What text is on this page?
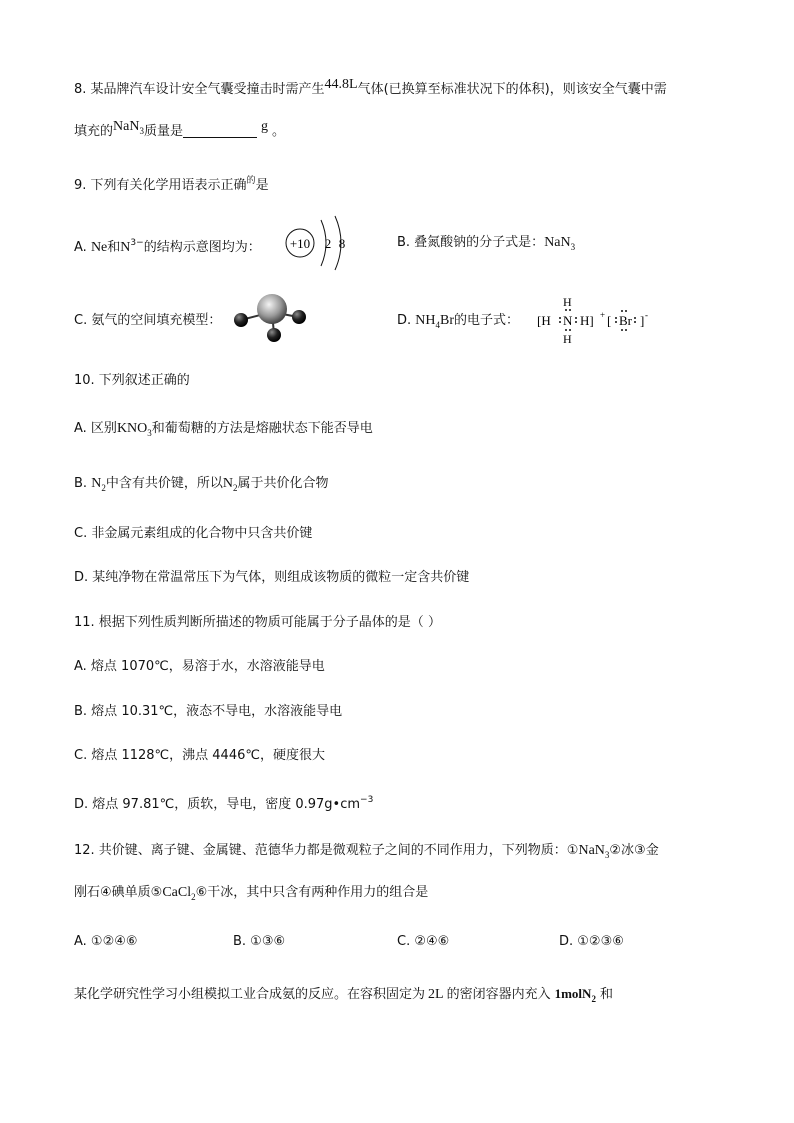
8. 某品牌汽车设计安全气囊受撞击时需产生44.8L气体(已换算至标准状况下的体积)，则该安全气囊中需
填充的NaN$_3$质量是	g 。
9. 下列有关化学用语表示正确$^的$是
A. Ne和$N^{3-}$的结构示意图均为： +10 2 8	B. 叠氮酸钠的分子式是：NaN$_3$
C. 氨气的空间填充模型：	D. $NH_4Br$的电子式： [H
H
N
H
H] + [ Br ] -
10. 下列叙述正确的
A. 区别$KNO_3$和葡萄糖的方法是熔融状态下能否导电
B. $N_2$中含有共价键，所以$N_2$属于共价化合物
C. 非金属元素组成的化合物中只含共价键
D. 某纯净物在常温常压下为气体，则组成该物质的微粒一定含共价键
11. 根据下列性质判断所描述的物质可能属于分子晶体的是（ ）
A. 熔点 1070℃，易溶于水，水溶液能导电
B. 熔点 10.31℃，液态不导电，水溶液能导电
C. 熔点 1128℃，沸点 4446℃，硬度很大
D. 熔点 97.81℃，质软，导电，密度 $0.97g•cm^{-3}$
12. 共价键、离子键、金属键、范德华力都是微观粒子之间的不同作用力，下列物质：①NaN$_3$②冰③金
刚石④碘单质⑤CaCl$_2$⑥干冰，其中只含有两种作用力的组合是
A. ①②④⑥	B. ①③⑥	C. ②④⑥	D. ①②③⑥
某化学研究性学习小组模拟工业合成氨的反应。在容积固定为 2L 的密闭容器内充入 1molN$_2$ 和
